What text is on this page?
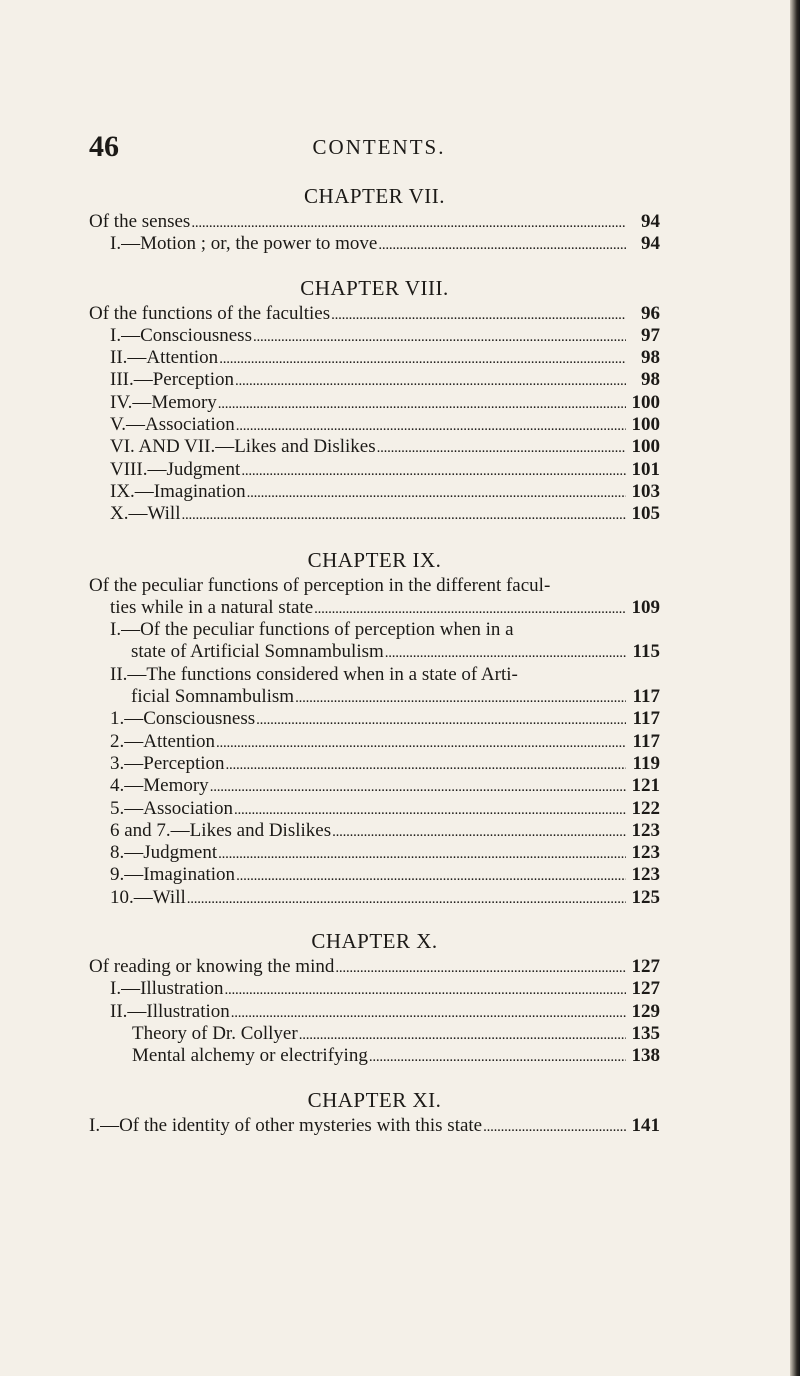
46	CONTENTS.
CHAPTER VII.
Of the senses . . .	94
I.—Motion ; or, the power to move . . .	94
CHAPTER VIII.
Of the functions of the faculties . . .	96
I.—Consciousness . . .	97
II.—Attention . . .	98
III.—Perception . . .	98
IV.—Memory . . .	100
V.—Association . . .	100
VI. AND VII.—Likes and Dislikes . . .	100
VIII.—Judgment . . .	101
IX.—Imagination . . .	103
X.—Will . . .	105
CHAPTER IX.
Of the peculiar functions of perception in the different facul-
ties while in a natural state . . .	109
I.—Of the peculiar functions of perception when in a
state of Artificial Somnambulism . . .	115
II.—The functions considered when in a state of Arti-
ficial Somnambulism . . .	117
1.—Consciousness . . .	117
2.—Attention . . .	117
3.—Perception . . .	119
4.—Memory . . .	121
5.—Association . . .	122
6 and 7.—Likes and Dislikes . . .	123
8.—Judgment . . .	123
9.—Imagination . . .	123
10.—Will . . .	125
CHAPTER X.
Of reading or knowing the mind . . .	127
I.—Illustration . . .	127
II.—Illustration . . .	129
Theory of Dr. Collyer . . .	135
Mental alchemy or electrifying . . .	138
CHAPTER XI.
I.—Of the identity of other mysteries with this state . . .	141
